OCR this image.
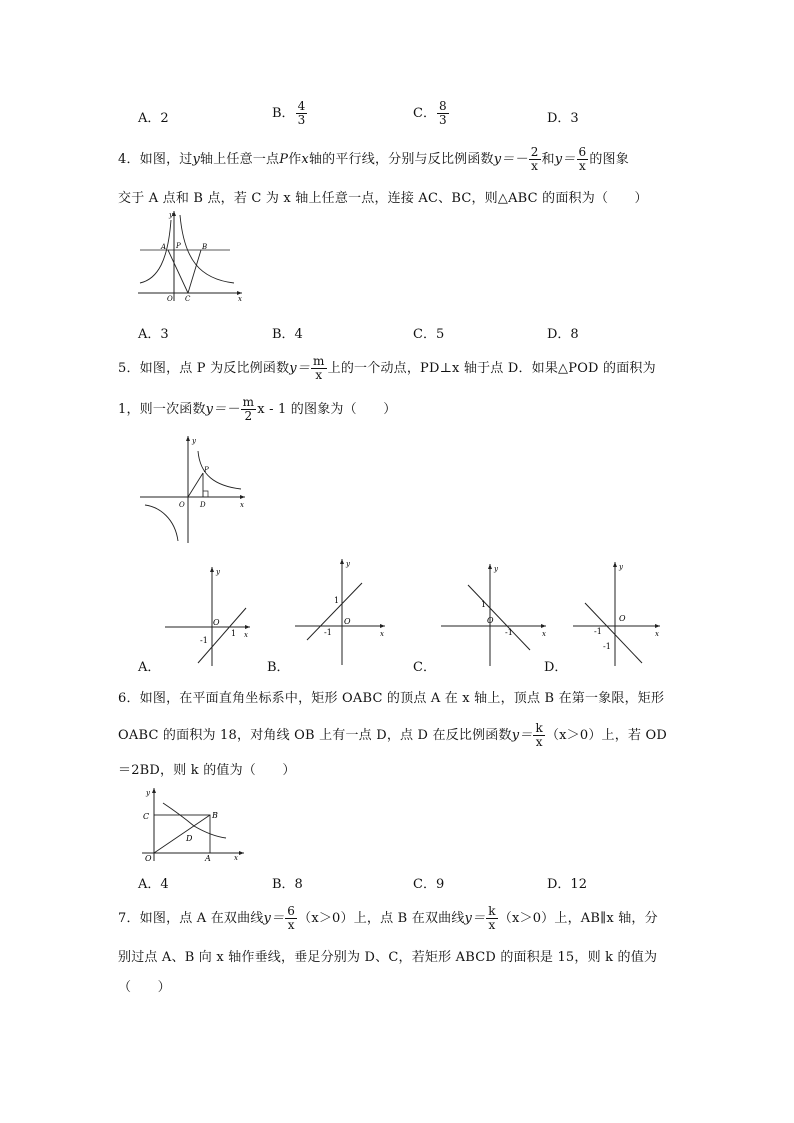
A．2	B． $\frac{4}{3}$	C． $\frac{8}{3}$	D．3
4．如图，过y轴上任意一点P作x轴的平行线，分别与反比例函数$y=- \frac{2}{x}$ 和$y= \frac{6}{x}$ 的图象
交于 A 点和 B 点，若 C 为 x 轴上任意一点，连接 AC、BC，则△ABC 的面积为（　　）
y
x
A P	B
O C
A．3	B．4	C．5	D．8
5．如图，点 P 为反比例函数$y= \frac{m}{x}$ 上的一个动点，PD⊥x 轴于点 D．如果△POD 的面积为
1，则一次函数$y=- \frac{m}{2}$ x - 1 的图象为（　　）
y
x
P
O D
y
x
O
1
-1
A．
y
x
O
1
-1
B．
y
x
O
1
-1
C．
y
x
O
-1
-1
D．
6．如图，在平面直角坐标系中，矩形 OABC 的顶点 A 在 x 轴上，顶点 B 在第一象限，矩形
OABC 的面积为 18，对角线 OB 上有一点 D，点 D 在反比例函数$y= \frac{k}{x} (x>0)$上，若 OD
＝2BD，则 k 的值为（　　）
y
x
C	B
D
O	A
A．4	B．8	C．9	D．12
7．如图，点 A 在双曲线$y= \frac{6}{x} (x>0)$上，点 B 在双曲线$y= \frac{k}{x} (x>0)$上，AB∥x 轴，分
别过点 A、B 向 x 轴作垂线，垂足分别为 D、C，若矩形 ABCD 的面积是 15，则 k 的值为
（　　）
